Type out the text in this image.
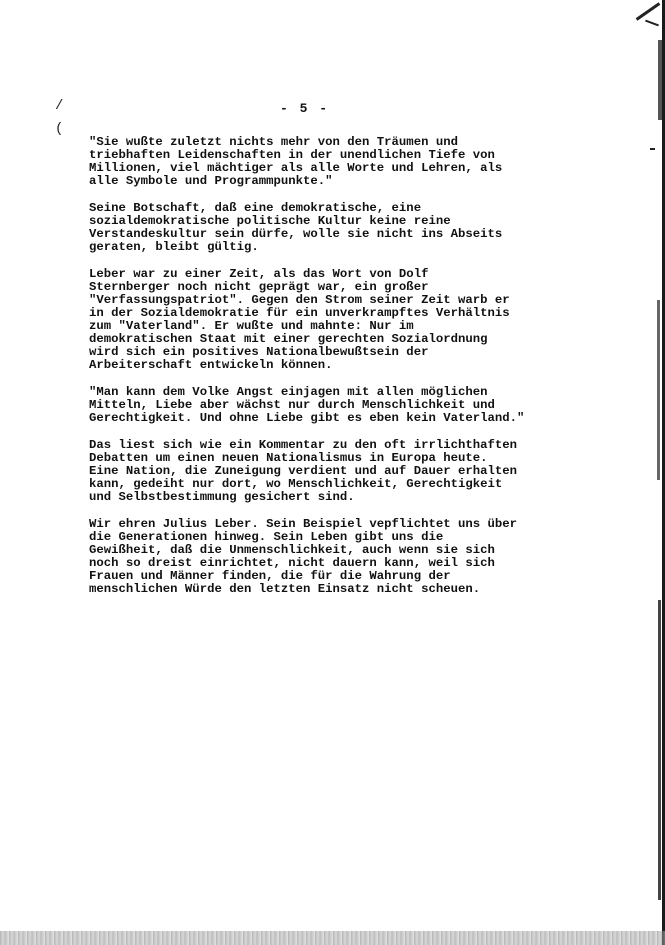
/
(
- 5 -
"Sie wußte zuletzt nichts mehr von den Träumen und
triebhaften Leidenschaften in der unendlichen Tiefe von
Millionen, viel mächtiger als alle Worte und Lehren, als
alle Symbole und Programmpunkte."
Seine Botschaft, daß eine demokratische, eine
sozialdemokratische politische Kultur keine reine
Verstandeskultur sein dürfe, wolle sie nicht ins Abseits
geraten, bleibt gültig.
Leber war zu einer Zeit, als das Wort von Dolf
Sternberger noch nicht geprägt war, ein großer
"Verfassungspatriot". Gegen den Strom seiner Zeit warb er
in der Sozialdemokratie für ein unverkrampftes Verhältnis
zum "Vaterland". Er wußte und mahnte: Nur im
demokratischen Staat mit einer gerechten Sozialordnung
wird sich ein positives Nationalbewußtsein der
Arbeiterschaft entwickeln können.
"Man kann dem Volke Angst einjagen mit allen möglichen
Mitteln, Liebe aber wächst nur durch Menschlichkeit und
Gerechtigkeit. Und ohne Liebe gibt es eben kein Vaterland."
Das liest sich wie ein Kommentar zu den oft irrlichthaften
Debatten um einen neuen Nationalismus in Europa heute.
Eine Nation, die Zuneigung verdient und auf Dauer erhalten
kann, gedeiht nur dort, wo Menschlichkeit, Gerechtigkeit
und Selbstbestimmung gesichert sind.
Wir ehren Julius Leber. Sein Beispiel vepflichtet uns über
die Generationen hinweg. Sein Leben gibt uns die
Gewißheit, daß die Unmenschlichkeit, auch wenn sie sich
noch so dreist einrichtet, nicht dauern kann, weil sich
Frauen und Männer finden, die für die Wahrung der
menschlichen Würde den letzten Einsatz nicht scheuen.
